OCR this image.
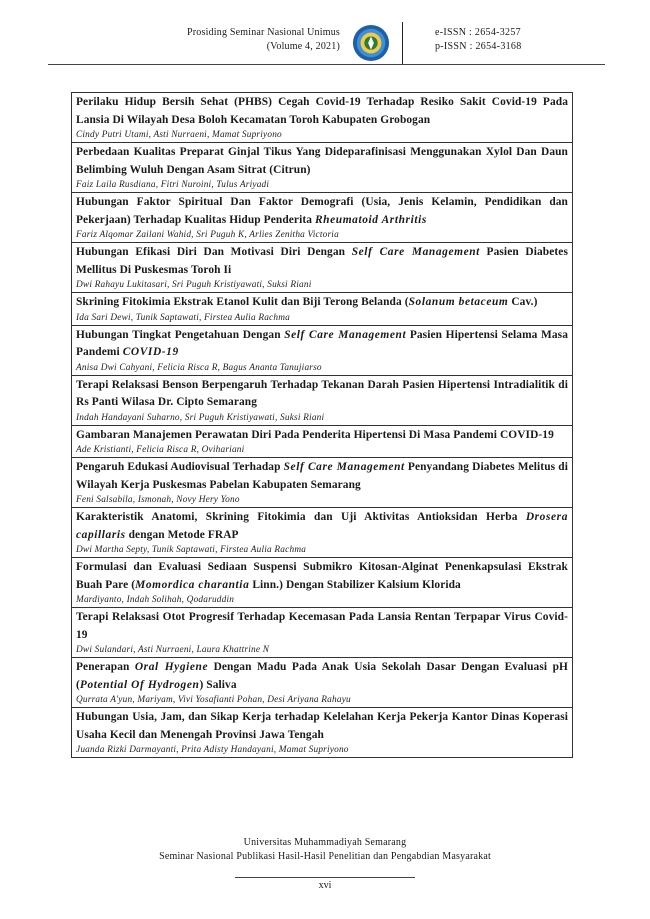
Prosiding Seminar Nasional Unimus
(Volume 4, 2021)
e-ISSN : 2654-3257
p-ISSN : 2654-3168
Perilaku Hidup Bersih Sehat (PHBS) Cegah Covid-19 Terhadap Resiko Sakit Covid-19 Pada Lansia Di Wilayah Desa Boloh Kecamatan Toroh Kabupaten Grobogan
Cindy Putri Utami, Asti Nurraeni, Mamat Supriyono
Perbedaan Kualitas Preparat Ginjal Tikus Yang Dideparafinisasi Menggunakan Xylol Dan Daun Belimbing Wuluh Dengan Asam Sitrat (Citrun)
Faiz Laila Rusdiana, Fitri Nuroini, Tulus Ariyadi
Hubungan Faktor Spiritual Dan Faktor Demografi (Usia, Jenis Kelamin, Pendidikan dan Pekerjaan) Terhadap Kualitas Hidup Penderita Rheumatoid Arthritis
Fariz Alqomar Zailani Wahid, Sri Puguh K, Arlies Zenitha Victoria
Hubungan Efikasi Diri Dan Motivasi Diri Dengan Self Care Management Pasien Diabetes Mellitus Di Puskesmas Toroh Ii
Dwi Rahayu Lukitasari, Sri Puguh Kristiyawati, Suksi Riani
Skrining Fitokimia Ekstrak Etanol Kulit dan Biji Terong Belanda (Solanum betaceum Cav.)
Ida Sari Dewi, Tunik Saptawati, Firstea Aulia Rachma
Hubungan Tingkat Pengetahuan Dengan Self Care Management Pasien Hipertensi Selama Masa Pandemi COVID-19
Anisa Dwi Cahyani, Felicia Risca R, Bagus Ananta Tanujiarso
Terapi Relaksasi Benson Berpengaruh Terhadap Tekanan Darah Pasien Hipertensi Intradialitik di Rs Panti Wilasa Dr. Cipto Semarang
Indah Handayani Suharno, Sri Puguh Kristiyawati, Suksi Riani
Gambaran Manajemen Perawatan Diri Pada Penderita Hipertensi Di Masa Pandemi COVID-19
Ade Kristianti, Felicia Risca R, Ovihariani
Pengaruh Edukasi Audiovisual Terhadap Self Care Management Penyandang Diabetes Melitus di Wilayah Kerja Puskesmas Pabelan Kabupaten Semarang
Feni Salsabila, Ismonah, Novy Hery Yono
Karakteristik Anatomi, Skrining Fitokimia dan Uji Aktivitas Antioksidan Herba Drosera capillaris dengan Metode FRAP
Dwi Martha Septy, Tunik Saptawati, Firstea Aulia Rachma
Formulasi dan Evaluasi Sediaan Suspensi Submikro Kitosan-Alginat Penenkapsulasi Ekstrak Buah Pare (Momordica charantia Linn.) Dengan Stabilizer Kalsium Klorida
Mardiyanto, Indah Solihah, Qodaruddin
Terapi Relaksasi Otot Progresif Terhadap Kecemasan Pada Lansia Rentan Terpapar Virus Covid-19
Dwi Sulandari, Asti Nurraeni, Laura Khattrine N
Penerapan Oral Hygiene Dengan Madu Pada Anak Usia Sekolah Dasar Dengan Evaluasi pH (Potential Of Hydrogen) Saliva
Qurrata A'yun, Mariyam, Vivi Yosafianti Pohan, Desi Ariyana Rahayu
Hubungan Usia, Jam, dan Sikap Kerja terhadap Kelelahan Kerja Pekerja Kantor Dinas Koperasi Usaha Kecil dan Menengah Provinsi Jawa Tengah
Juanda Rizki Darmayanti, Prita Adisty Handayani, Mamat Supriyono
Universitas Muhammadiyah Semarang
Seminar Nasional Publikasi Hasil-Hasil Penelitian dan Pengabdian Masyarakat
xvi
